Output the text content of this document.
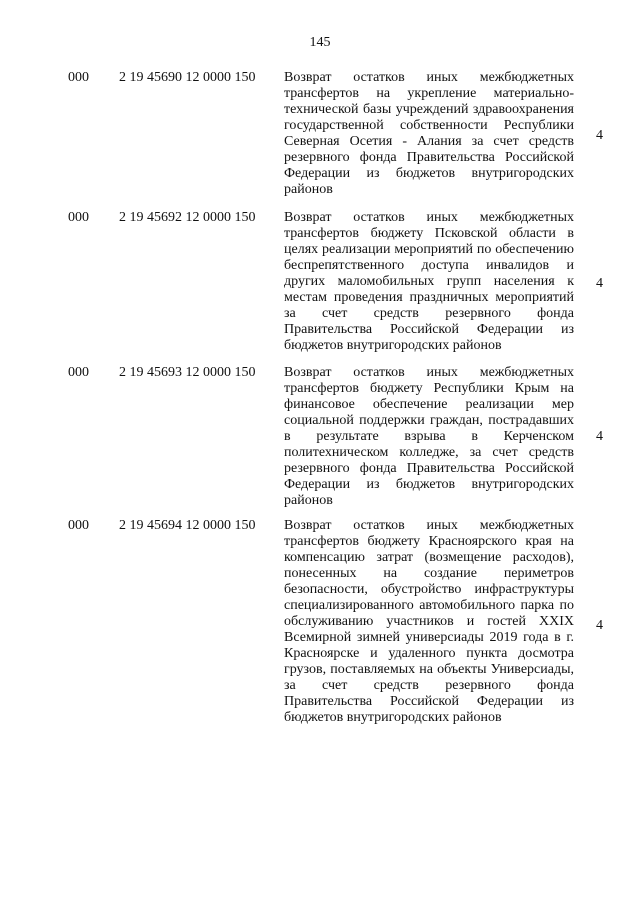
145
000 2 19 45690 12 0000 150 Возврат остатков иных межбюджетных трансфертов на укрепление материально-технической базы учреждений здравоохранения государственной собственности Республики Северная Осетия - Алания за счет средств резервного фонда Правительства Российской Федерации из бюджетов внутригородских районов
4
000 2 19 45692 12 0000 150 Возврат остатков иных межбюджетных трансфертов бюджету Псковской области в целях реализации мероприятий по обеспечению беспрепятственного доступа инвалидов и других маломобильных групп населения к местам проведения праздничных мероприятий за счет средств резервного фонда Правительства Российской Федерации из бюджетов внутригородских районов
4
000 2 19 45693 12 0000 150 Возврат остатков иных межбюджетных трансфертов бюджету Республики Крым на финансовое обеспечение реализации мер социальной поддержки граждан, пострадавших в результате взрыва в Керченском политехническом колледже, за счет средств резервного фонда Правительства Российской Федерации из бюджетов внутригородских районов
4
000 2 19 45694 12 0000 150 Возврат остатков иных межбюджетных трансфертов бюджету Красноярского края на компенсацию затрат (возмещение расходов), понесенных на создание периметров безопасности, обустройство инфраструктуры специализированного автомобильного парка по обслуживанию участников и гостей XXIX Всемирной зимней универсиады 2019 года в г. Красноярске и удаленного пункта досмотра грузов, поставляемых на объекты Универсиады, за счет средств резервного фонда Правительства Российской Федерации из бюджетов внутригородских районов
4
